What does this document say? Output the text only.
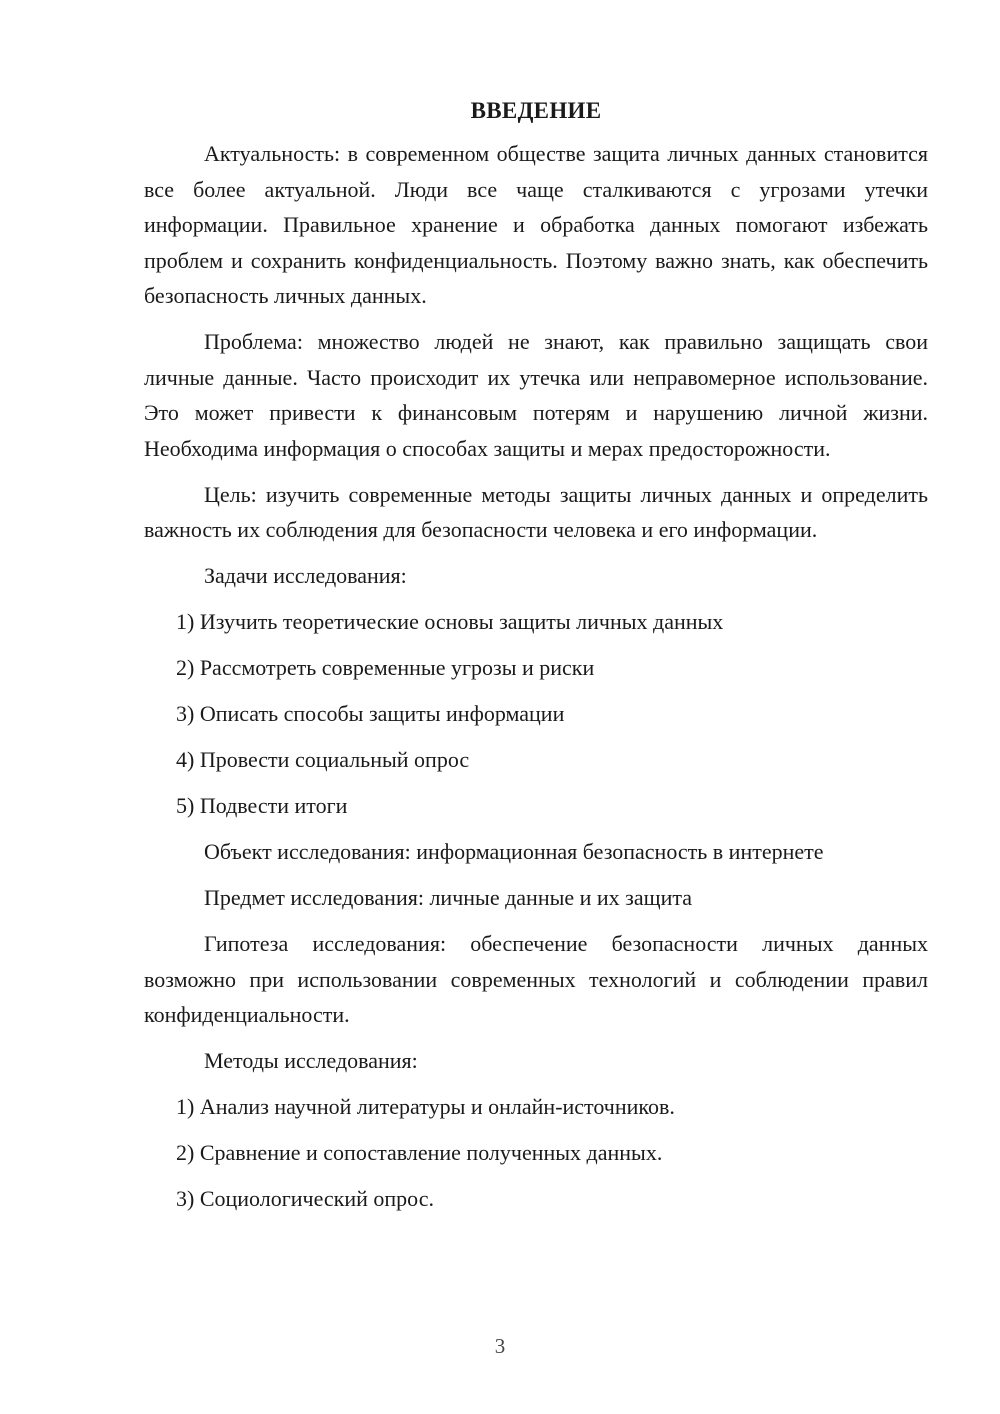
ВВЕДЕНИЕ

Актуальность: в современном обществе защита личных данных становится все более актуальной. Люди все чаще сталкиваются с угрозами утечки информации. Правильное хранение и обработка данных помогают избежать проблем и сохранить конфиденциальность. Поэтому важно знать, как обеспечить безопасность личных данных.

Проблема: множество людей не знают, как правильно защищать свои личные данные. Часто происходит их утечка или неправомерное использование. Это может привести к финансовым потерям и нарушению личной жизни. Необходима информация о способах защиты и мерах предосторожности.

Цель: изучить современные методы защиты личных данных и определить важность их соблюдения для безопасности человека и его информации.

Задачи исследования:
1) Изучить теоретические основы защиты личных данных
2) Рассмотреть современные угрозы и риски
3) Описать способы защиты информации
4) Провести социальный опрос
5) Подвести итоги
Объект исследования: информационная безопасность в интернете
Предмет исследования: личные данные и их защита

Гипотеза исследования: обеспечение безопасности личных данных возможно при использовании современных технологий и соблюдении правил конфиденциальности.

Методы исследования:
1) Анализ научной литературы и онлайн-источников.
2) Сравнение и сопоставление полученных данных.
3) Социологический опрос.
3
